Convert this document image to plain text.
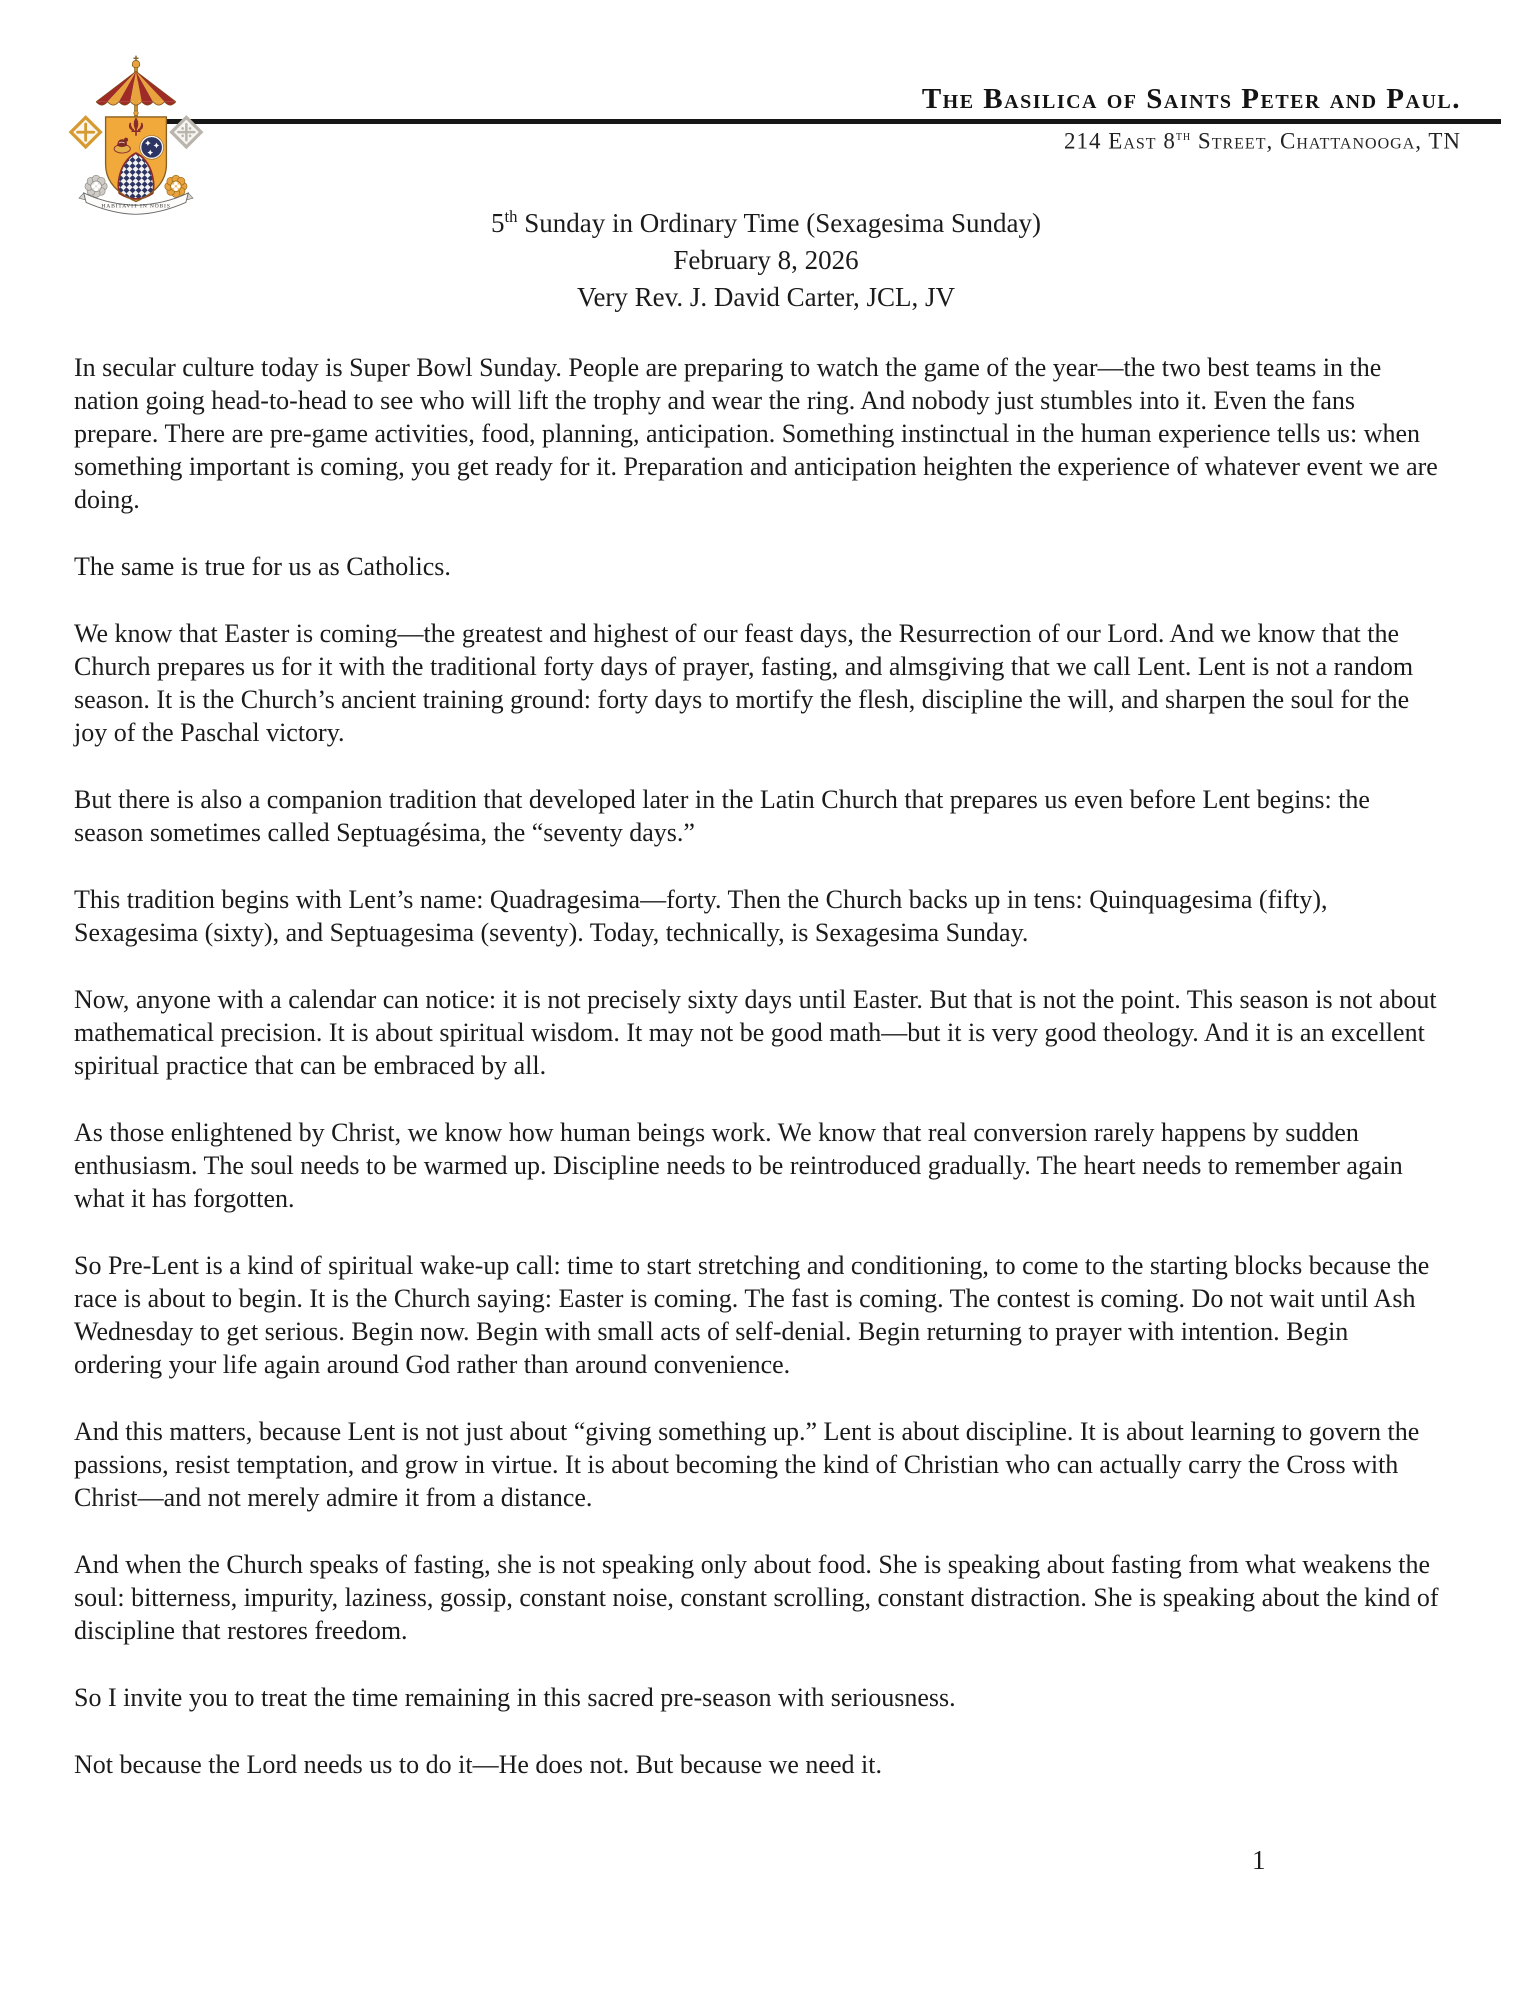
HABITAVIT IN NOBIS
The Basilica of Saints Peter and Paul.
214 East 8th Street, Chattanooga, TN
5th Sunday in Ordinary Time (Sexagesima Sunday)
February 8, 2026
Very Rev. J. David Carter, JCL, JV

In secular culture today is Super Bowl Sunday. People are preparing to watch the game of the year—the two best teams in the nation going head-to-head to see who will lift the trophy and wear the ring. And nobody just stumbles into it. Even the fans prepare. There are pre-game activities, food, planning, anticipation. Something instinctual in the human experience tells us: when something important is coming, you get ready for it. Preparation and anticipation heighten the experience of whatever event we are doing.

The same is true for us as Catholics.

We know that Easter is coming—the greatest and highest of our feast days, the Resurrection of our Lord. And we know that the Church prepares us for it with the traditional forty days of prayer, fasting, and almsgiving that we call Lent. Lent is not a random season. It is the Church’s ancient training ground: forty days to mortify the flesh, discipline the will, and sharpen the soul for the joy of the Paschal victory.

But there is also a companion tradition that developed later in the Latin Church that prepares us even before Lent begins: the season sometimes called Septuagésima, the “seventy days.”

This tradition begins with Lent’s name: Quadragesima—forty. Then the Church backs up in tens: Quinquagesima (fifty), Sexagesima (sixty), and Septuagesima (seventy). Today, technically, is Sexagesima Sunday.

Now, anyone with a calendar can notice: it is not precisely sixty days until Easter. But that is not the point. This season is not about mathematical precision. It is about spiritual wisdom. It may not be good math—but it is very good theology. And it is an excellent spiritual practice that can be embraced by all.

As those enlightened by Christ, we know how human beings work. We know that real conversion rarely happens by sudden enthusiasm. The soul needs to be warmed up. Discipline needs to be reintroduced gradually. The heart needs to remember again what it has forgotten.

So Pre-Lent is a kind of spiritual wake-up call: time to start stretching and conditioning, to come to the starting blocks because the race is about to begin. It is the Church saying: Easter is coming. The fast is coming. The contest is coming. Do not wait until Ash Wednesday to get serious. Begin now. Begin with small acts of self-denial. Begin returning to prayer with intention. Begin ordering your life again around God rather than around convenience.

And this matters, because Lent is not just about “giving something up.” Lent is about discipline. It is about learning to govern the passions, resist temptation, and grow in virtue. It is about becoming the kind of Christian who can actually carry the Cross with Christ—and not merely admire it from a distance.

And when the Church speaks of fasting, she is not speaking only about food. She is speaking about fasting from what weakens the soul: bitterness, impurity, laziness, gossip, constant noise, constant scrolling, constant distraction. She is speaking about the kind of discipline that restores freedom.

So I invite you to treat the time remaining in this sacred pre-season with seriousness.

Not because the Lord needs us to do it—He does not. But because we need it.

1
